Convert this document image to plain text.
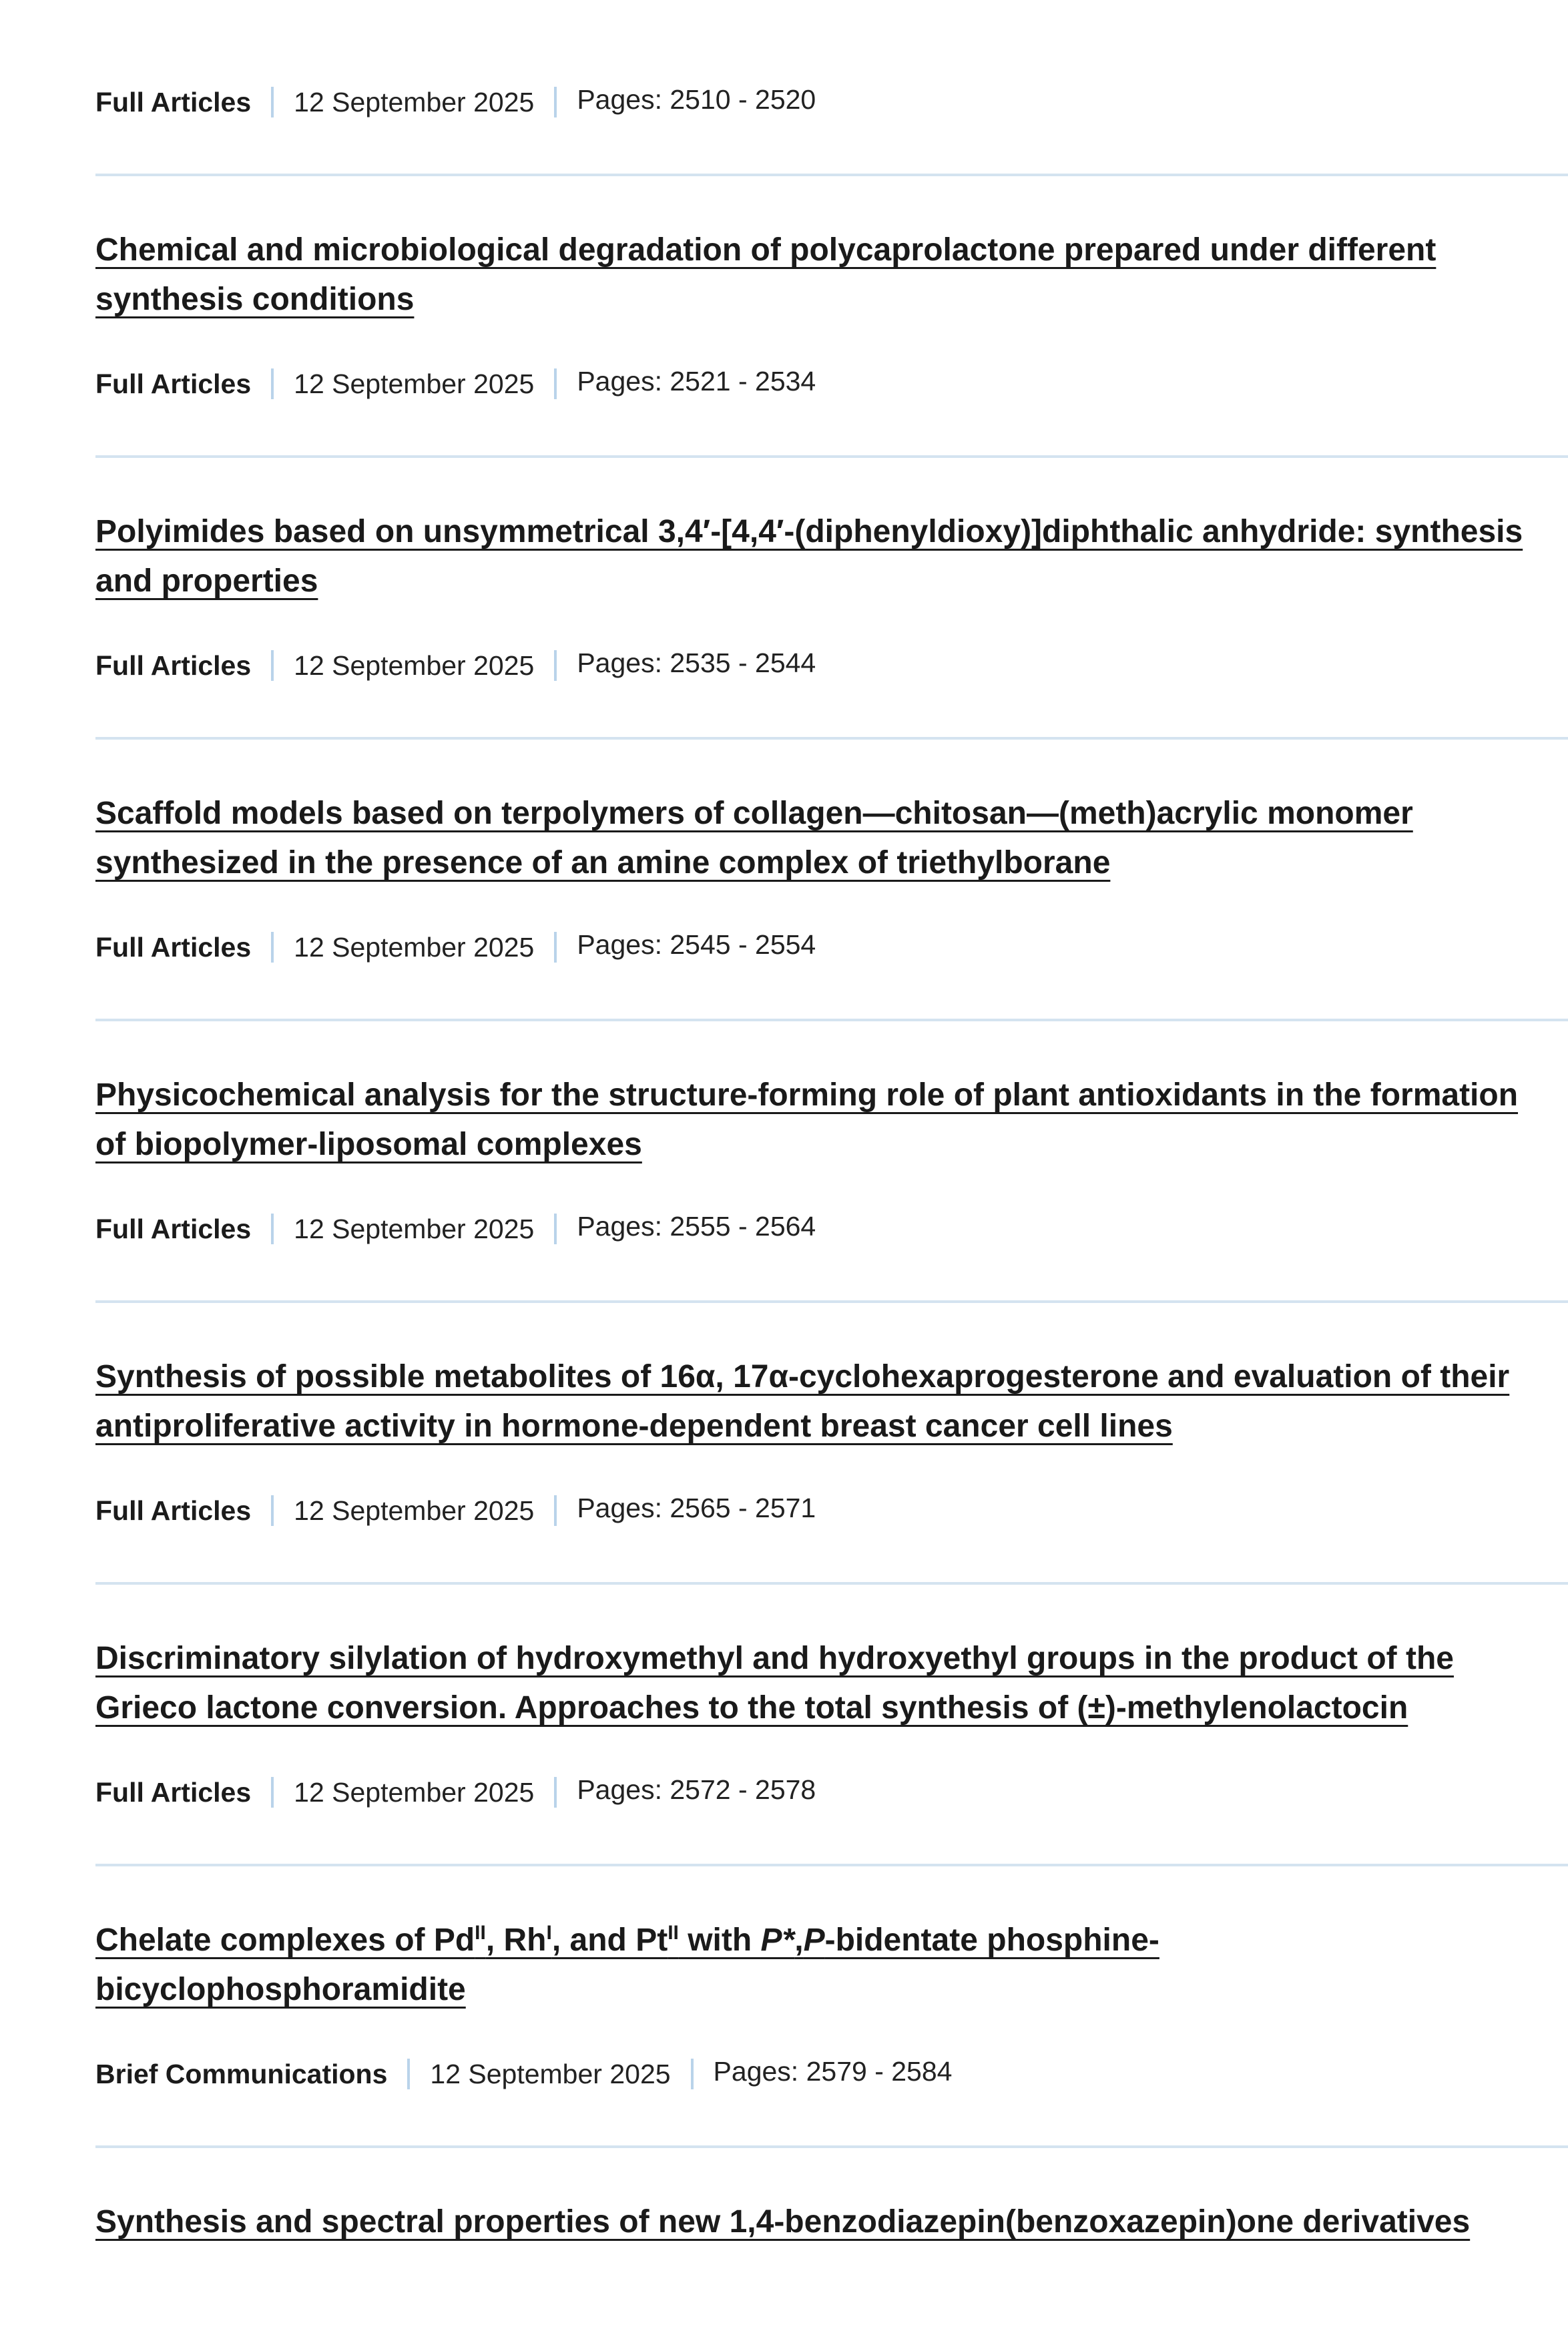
Full Articles 12 September 2025 Pages: 2510 - 2520

Chemical and microbiological degradation of polycaprolactone prepared under different synthesis conditions

Full Articles 12 September 2025 Pages: 2521 - 2534

Polyimides based on unsymmetrical 3,4′-[4,4′-(diphenyldioxy)]diphthalic anhydride: synthesis and properties

Full Articles 12 September 2025 Pages: 2535 - 2544

Scaffold models based on terpolymers of collagen—chitosan—(meth)acrylic monomer synthesized in the presence of an amine complex of triethylborane

Full Articles 12 September 2025 Pages: 2545 - 2554

Physicochemical analysis for the structure-forming role of plant antioxidants in the formation of biopolymer-liposomal complexes

Full Articles 12 September 2025 Pages: 2555 - 2564

Synthesis of possible metabolites of 16α, 17α-cyclohexaprogesterone and evaluation of their antiproliferative activity in hormone-dependent breast cancer cell lines

Full Articles 12 September 2025 Pages: 2565 - 2571

Discriminatory silylation of hydroxymethyl and hydroxyethyl groups in the product of the Grieco lactone conversion. Approaches to the total synthesis of (±)-methylenolactocin

Full Articles 12 September 2025 Pages: 2572 - 2578

Chelate complexes of $Pd^{II}$, $Rh^I$, and $Pt^{II}$ with P*,P-bidentate phosphine-bicyclophosphoramidite

Brief Communications 12 September 2025 Pages: 2579 - 2584

Synthesis and spectral properties of new 1,4-benzodiazepin(benzoxazepin)one derivatives
